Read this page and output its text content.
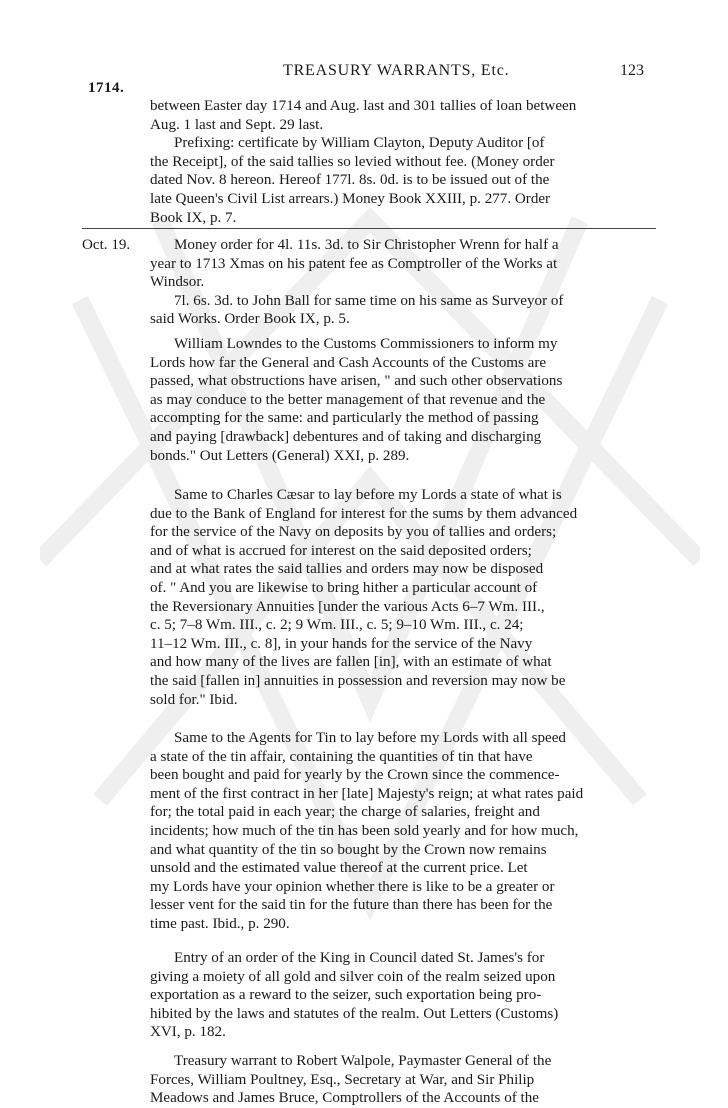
1714.
TREASURY WARRANTS, Etc.	123

between Easter day 1714 and Aug. last and 301 tallies of loan between

Aug. 1 last and Sept. 29 last.

Prefixing: certificate by William Clayton, Deputy Auditor [of

the Receipt], of the said tallies so levied without fee. (Money order

dated Nov. 8 hereon. Hereof 177l. 8s. 0d. is to be issued out of the

late Queen's Civil List arrears.) Money Book XXIII, p. 277. Order

Book IX, p. 7.

Oct. 19.	Money order for 4l. 11s. 3d. to Sir Christopher Wrenn for half a

year to 1713 Xmas on his patent fee as Comptroller of the Works at

Windsor.

7l. 6s. 3d. to John Ball for same time on his same as Surveyor of

said Works. Order Book IX, p. 5.

William Lowndes to the Customs Commissioners to inform my

Lords how far the General and Cash Accounts of the Customs are

passed, what obstructions have arisen, " and such other observations

as may conduce to the better management of that revenue and the

accompting for the same: and particularly the method of passing

and paying [drawback] debentures and of taking and discharging

bonds." Out Letters (General) XXI, p. 289.

Same to Charles Cæsar to lay before my Lords a state of what is

due to the Bank of England for interest for the sums by them advanced

for the service of the Navy on deposits by you of tallies and orders;

and of what is accrued for interest on the said deposited orders;

and at what rates the said tallies and orders may now be disposed

of. " And you are likewise to bring hither a particular account of

the Reversionary Annuities [under the various Acts 6–7 Wm. III.,

c. 5; 7–8 Wm. III., c. 2; 9 Wm. III., c. 5; 9–10 Wm. III., c. 24;

11–12 Wm. III., c. 8], in your hands for the service of the Navy

and how many of the lives are fallen [in], with an estimate of what

the said [fallen in] annuities in possession and reversion may now be

sold for." Ibid.

Same to the Agents for Tin to lay before my Lords with all speed

a state of the tin affair, containing the quantities of tin that have

been bought and paid for yearly by the Crown since the commence-

ment of the first contract in her [late] Majesty's reign; at what rates paid

for; the total paid in each year; the charge of salaries, freight and

incidents; how much of the tin has been sold yearly and for how much,

and what quantity of the tin so bought by the Crown now remains

unsold and the estimated value thereof at the current price. Let

my Lords have your opinion whether there is like to be a greater or

lesser vent for the said tin for the future than there has been for the

time past. Ibid., p. 290.

Entry of an order of the King in Council dated St. James's for

giving a moiety of all gold and silver coin of the realm seized upon

exportation as a reward to the seizer, such exportation being pro-

hibited by the laws and statutes of the realm. Out Letters (Customs)

XVI, p. 182.

Treasury warrant to Robert Walpole, Paymaster General of the

Forces, William Poultney, Esq., Secretary at War, and Sir Philip

Meadows and James Bruce, Comptrollers of the Accounts of the
